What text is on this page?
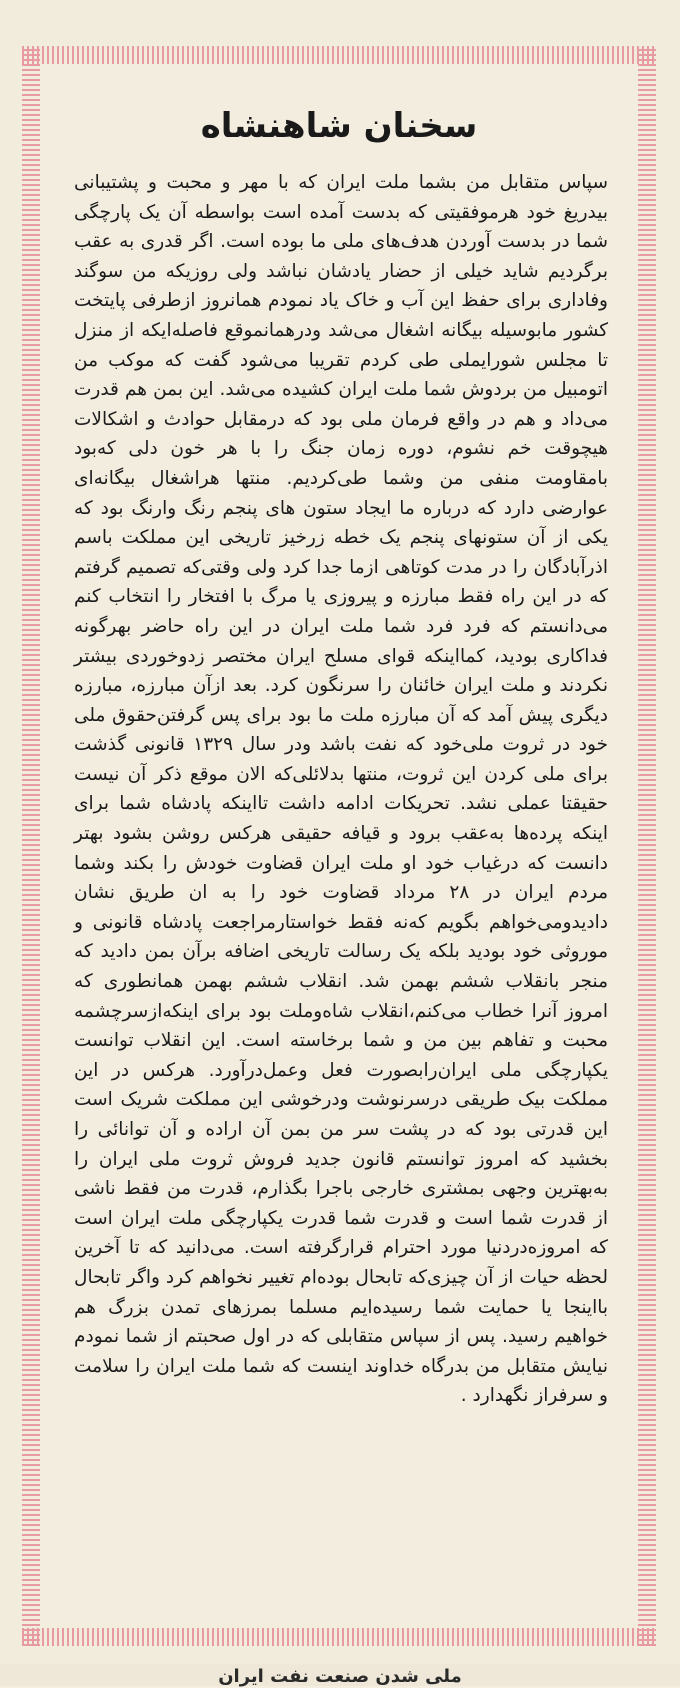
سخنان شاهنشاه
سپاس متقابل من بشما ملت ایران که با مهر و محبت و پشتیبانی بیدریغ خود هرموفقیتی که بدست آمده است بواسطه آن یک پارچگی شما در بدست آوردن هدف‌های ملی ما بوده است. اگر قدری به عقب برگردیم شاید خیلی از حضار یادشان نباشد ولی روزیکه من سوگند وفاداری برای حفظ این آب و خاک یاد نمودم همانروز ازطرفی پایتخت کشور مابوسیله بیگانه اشغال می‌شد ودرهمانموقع فاصله‌ایکه از منزل تا مجلس شورایملی طی کردم تقریبا می‌شود گفت که موکب من اتومبیل من بردوش شما ملت ایران کشیده می‌شد. این بمن هم قدرت می‌داد و هم در واقع فرمان ملی بود که درمقابل حوادث و اشکالات هیچوقت خم نشوم، دوره زمان جنگ را با هر خون دلی که‌بود بامقاومت منفی من وشما طی‌کردیم. منتها هراشغال بیگانه‌ای عوارضی دارد که درباره ما ایجاد ستون های پنجم رنگ وارنگ بود که یکی از آن ستونهای پنجم یک خطه زرخیز تاریخی این مملکت باسم اذرآبادگان را در مدت کوتاهی ازما جدا کرد ولی وقتی‌که تصمیم گرفتم که در این راه فقط مبارزه و پیروزی یا مرگ با افتخار را انتخاب کنم می‌دانستم که فرد فرد شما ملت ایران در این راه حاضر بهرگونه فداکاری بودید، کمااینکه قوای مسلح ایران مختصر زدوخوردی بیشتر نکردند و ملت ایران خائنان را سرنگون کرد. بعد ازآن مبارزه، مبارزه دیگری پیش آمد که آن مبارزه ملت ما بود برای پس گرفتن‌حقوق ملی خود در ثروت ملی‌خود که نفت باشد ودر سال ۱۳۲۹ قانونی گذشت برای ملی کردن این ثروت، منتها بدلائلی‌که الان موقع ذکر آن نیست حقیقتا عملی نشد. تحریکات ادامه داشت تااینکه پادشاه شما برای اینکه پرده‌ها به‌عقب برود و قیافه حقیقی هرکس روشن بشود بهتر دانست که درغیاب خود او ملت ایران قضاوت خودش را بکند وشما مردم ایران در ۲۸ مرداد قضاوت خود را به ان طریق نشان دادیدومی‌خواهم بگویم که‌نه فقط خواستارمراجعت پادشاه قانونی و موروثی خود بودید بلکه یک رسالت تاریخی اضافه برآن بمن دادید که منجر بانقلاب ششم بهمن شد. انقلاب ششم بهمن همانطوری که امروز آنرا خطاب می‌کنم،انقلاب شاه‌وملت بود برای اینکه‌ازسرچشمه محبت و تفاهم بین من و شما برخاسته است. این انقلاب توانست یکپارچگی ملی ایران‌رابصورت فعل وعمل‌درآورد. هرکس در این مملکت بیک طریقی درسرنوشت ودرخوشی این مملکت شریک است این قدرتی بود که در پشت سر من بمن آن اراده و آن توانائی را بخشید که امروز توانستم قانون جدید فروش ثروت ملی ایران را به‌بهترین وجهی بمشتری خارجی باجرا بگذارم، قدرت من فقط ناشی از قدرت شما است و قدرت شما قدرت یکپارچگی ملت ایران است که امروزه‌دردنیا مورد احترام قرارگرفته است. می‌دانید که تا آخرین لحظه حیات از آن چیزی‌که تابحال بوده‌ام تغییر نخواهم کرد واگر تابحال بااینجا یا حمایت شما رسیده‌ایم مسلما بمرزهای تمدن بزرگ هم خواهیم رسید. پس از سپاس متقابلی که در اول صحبتم از شما نمودم نیایش متقابل من بدرگاه خداوند اینست که شما ملت ایران را سلامت و سرفراز نگهدارد .
ملی شدن صنعت نفت ایران
